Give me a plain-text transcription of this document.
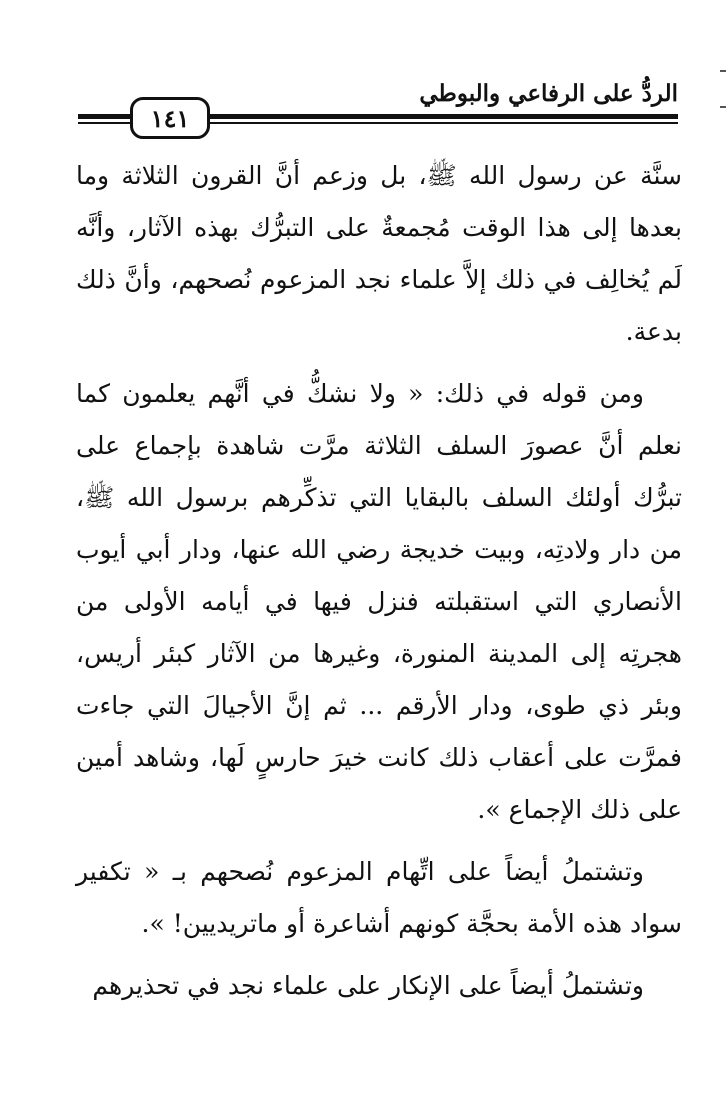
الردُّ على الرفاعي والبوطي
١٤١

سنَّة عن رسول الله ﷺ، بل وزعم أنَّ القرون الثلاثة وما بعدها إلى هذا الوقت مُجمعةٌ على التبرُّك بهذه الآثار، وأنَّه لَم يُخالِف في ذلك إلاَّ علماء نجد المزعوم نُصحهم، وأنَّ ذلك بدعة.

ومن قوله في ذلك: « ولا نشكُّ في أنَّهم يعلمون كما نعلم أنَّ عصورَ السلف الثلاثة مرَّت شاهدة بإجماع على تبرُّك أولئك السلف بالبقايا التي تذكِّرهم برسول الله ﷺ، من دار ولادتِه، وبيت خديجة رضي الله عنها، ودار أبي أيوب الأنصاري التي استقبلته فنزل فيها في أيامه الأولى من هجرتِه إلى المدينة المنورة، وغيرها من الآثار كبئر أريس، وبئر ذي طوى، ودار الأرقم ... ثم إنَّ الأجيالَ التي جاءت فمرَّت على أعقاب ذلك كانت خيرَ حارسٍ لَها، وشاهد أمين على ذلك الإجماع ».

وتشتملُ أيضاً على اتِّهام المزعوم نُصحهم بـ « تكفير سواد هذه الأمة بحجَّة كونهم أشاعرة أو ماتريديين! ».

وتشتملُ أيضاً على الإنكار على علماء نجد في تحذيرهم
